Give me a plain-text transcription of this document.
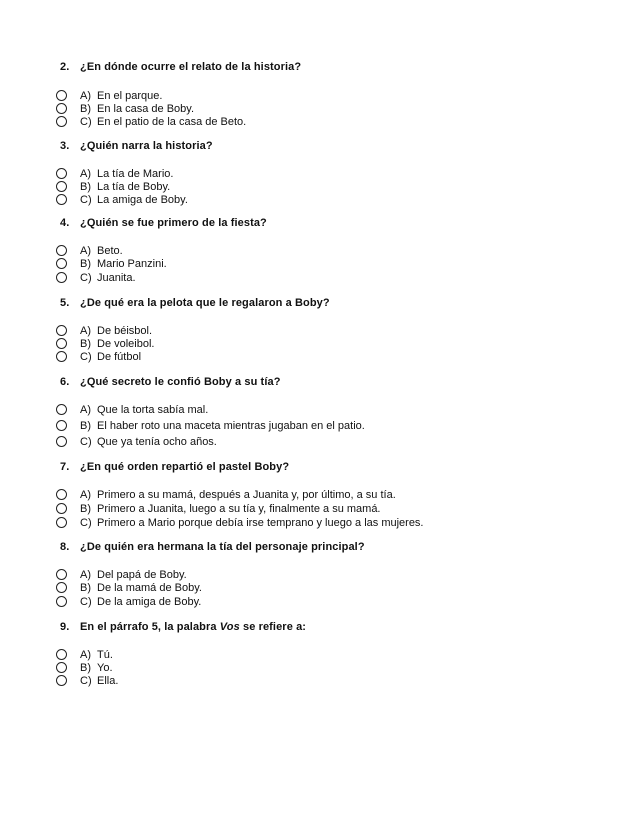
2. ¿En dónde ocurre el relato de la historia?
A) En el parque.
B) En la casa de Boby.
C) En el patio de la casa de Beto.
3. ¿Quién narra la historia?
A) La tía de Mario.
B) La tía de Boby.
C) La amiga de Boby.
4. ¿Quién se fue primero de la fiesta?
A) Beto.
B) Mario Panzini.
C) Juanita.
5. ¿De qué era la pelota que le regalaron a Boby?
A) De béisbol.
B) De voleibol.
C) De fútbol
6. ¿Qué secreto le confió Boby a su tía?
A) Que la torta sabía mal.
B) El haber roto una maceta mientras jugaban en el patio.
C) Que ya tenía ocho años.
7. ¿En qué orden repartió el pastel Boby?
A) Primero a su mamá, después a Juanita y, por último, a su tía.
B) Primero a Juanita, luego a su tía y, finalmente a su mamá.
C) Primero a Mario porque debía irse temprano y luego a las mujeres.
8. ¿De quién era hermana la tía del personaje principal?
A) Del papá de Boby.
B) De la mamá de Boby.
C) De la amiga de Boby.
9. En el párrafo 5, la palabra Vos se refiere a:
A) Tú.
B) Yo.
C) Ella.
